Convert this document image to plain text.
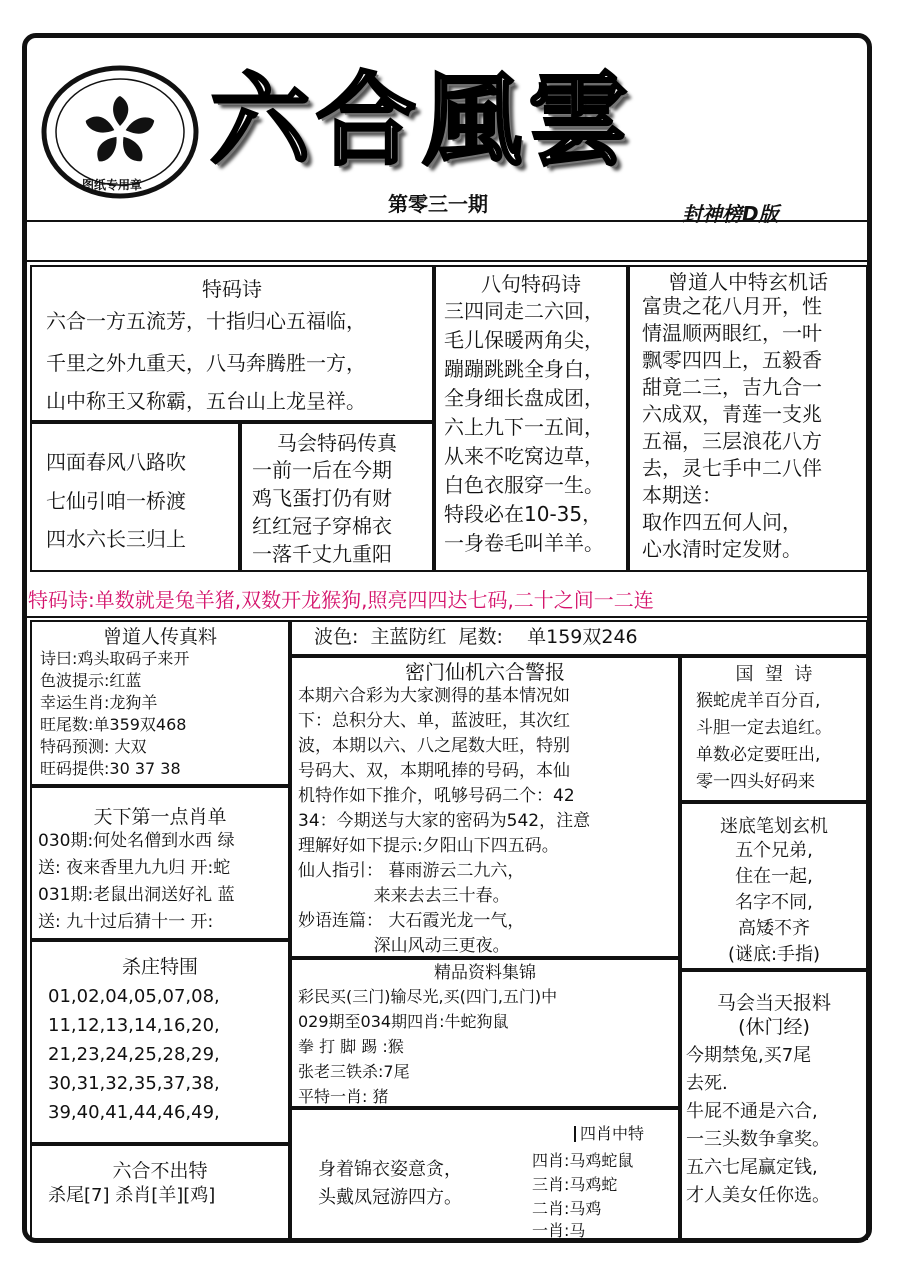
图纸专用章
六合風雲
第零三一期	封神榜D版
特码诗
六合一方五流芳，十指归心五福临，
千里之外九重天，八马奔腾胜一方，
山中称王又称霸，五台山上龙呈祥。
四面春风八路吹
七仙引咱一桥渡
四水六长三归上
马会特码传真
一前一后在今期
鸡飞蛋打仍有财
红红冠子穿棉衣
一落千丈九重阳
八句特码诗
三四同走二六回，
毛儿保暖两角尖，
蹦蹦跳跳全身白，
全身细长盘成团，
六上九下一五间，
从来不吃窝边草，
白色衣服穿一生。
特段必在10-35，
一身卷毛叫羊羊。
曾道人中特玄机话
富贵之花八月开，性
情温顺两眼红，一叶
飘零四四上，五毅香
甜竟二三，吉九合一
六成双，青莲一支兆
五福，三层浪花八方
去，灵七手中二八伴
本期送：
取作四五何人问，
心水清时定发财。
特码诗:单数就是兔羊猪,双数开龙猴狗,照亮四四达七码,二十之间一二连
曾道人传真料
诗曰:鸡头取码子来开
色波提示:红蓝
幸运生肖:龙狗羊
旺尾数:单359双468
特码预测: 大双
旺码提供:30 37 38
天下第一点肖单
030期:何处名僧到水西 绿
送: 夜来香里九九归 开:蛇
031期:老鼠出洞送好礼 蓝
送: 九十过后猜十一 开:
杀庄特围
01,02,04,05,07,08,
11,12,13,14,16,20,
21,23,24,25,28,29,
30,31,32,35,37,38,
39,40,41,44,46,49,
六合不出特
杀尾[7] 杀肖[羊][鸡]
波色:  主蓝防红  尾数:    单159双246
密门仙机六合警报
本期六合彩为大家测得的基本情况如
下：总积分大、单，蓝波旺，其次红
波，本期以六、八之尾数大旺，特别
号码大、双，本期吼捧的号码，本仙
机特作如下推介，吼够号码二个：42
34：今期送与大家的密码为542，注意
理解好如下提示:夕阳山下四五码。
仙人指引： 暮雨游云二九六，
来来去去三十春。
妙语连篇： 大石霞光龙一气，
深山风动三更夜。
精品资料集锦
彩民买(三门)输尽光,买(四门,五门)中
029期至034期四肖:牛蛇狗鼠
拳 打 脚 踢 :猴
张老三铁杀:7尾
平特一肖: 猪
身着锦衣姿意贪，
头戴凤冠游四方。
四肖中特
四肖:马鸡蛇鼠
三肖:马鸡蛇
二肖:马鸡
一肖:马
国  望  诗
猴蛇虎羊百分百,
斗胆一定去追红。
单数必定要旺出,
零一四头好码来
迷底笔划玄机
五个兄弟,
住在一起,
名字不同,
高矮不齐
(谜底:手指)
马会当天报料
(休门经)
今期禁兔,买7尾
去死.
牛屁不通是六合,
一三头数争拿奖。
五六七尾赢定钱,
才人美女任你选。
